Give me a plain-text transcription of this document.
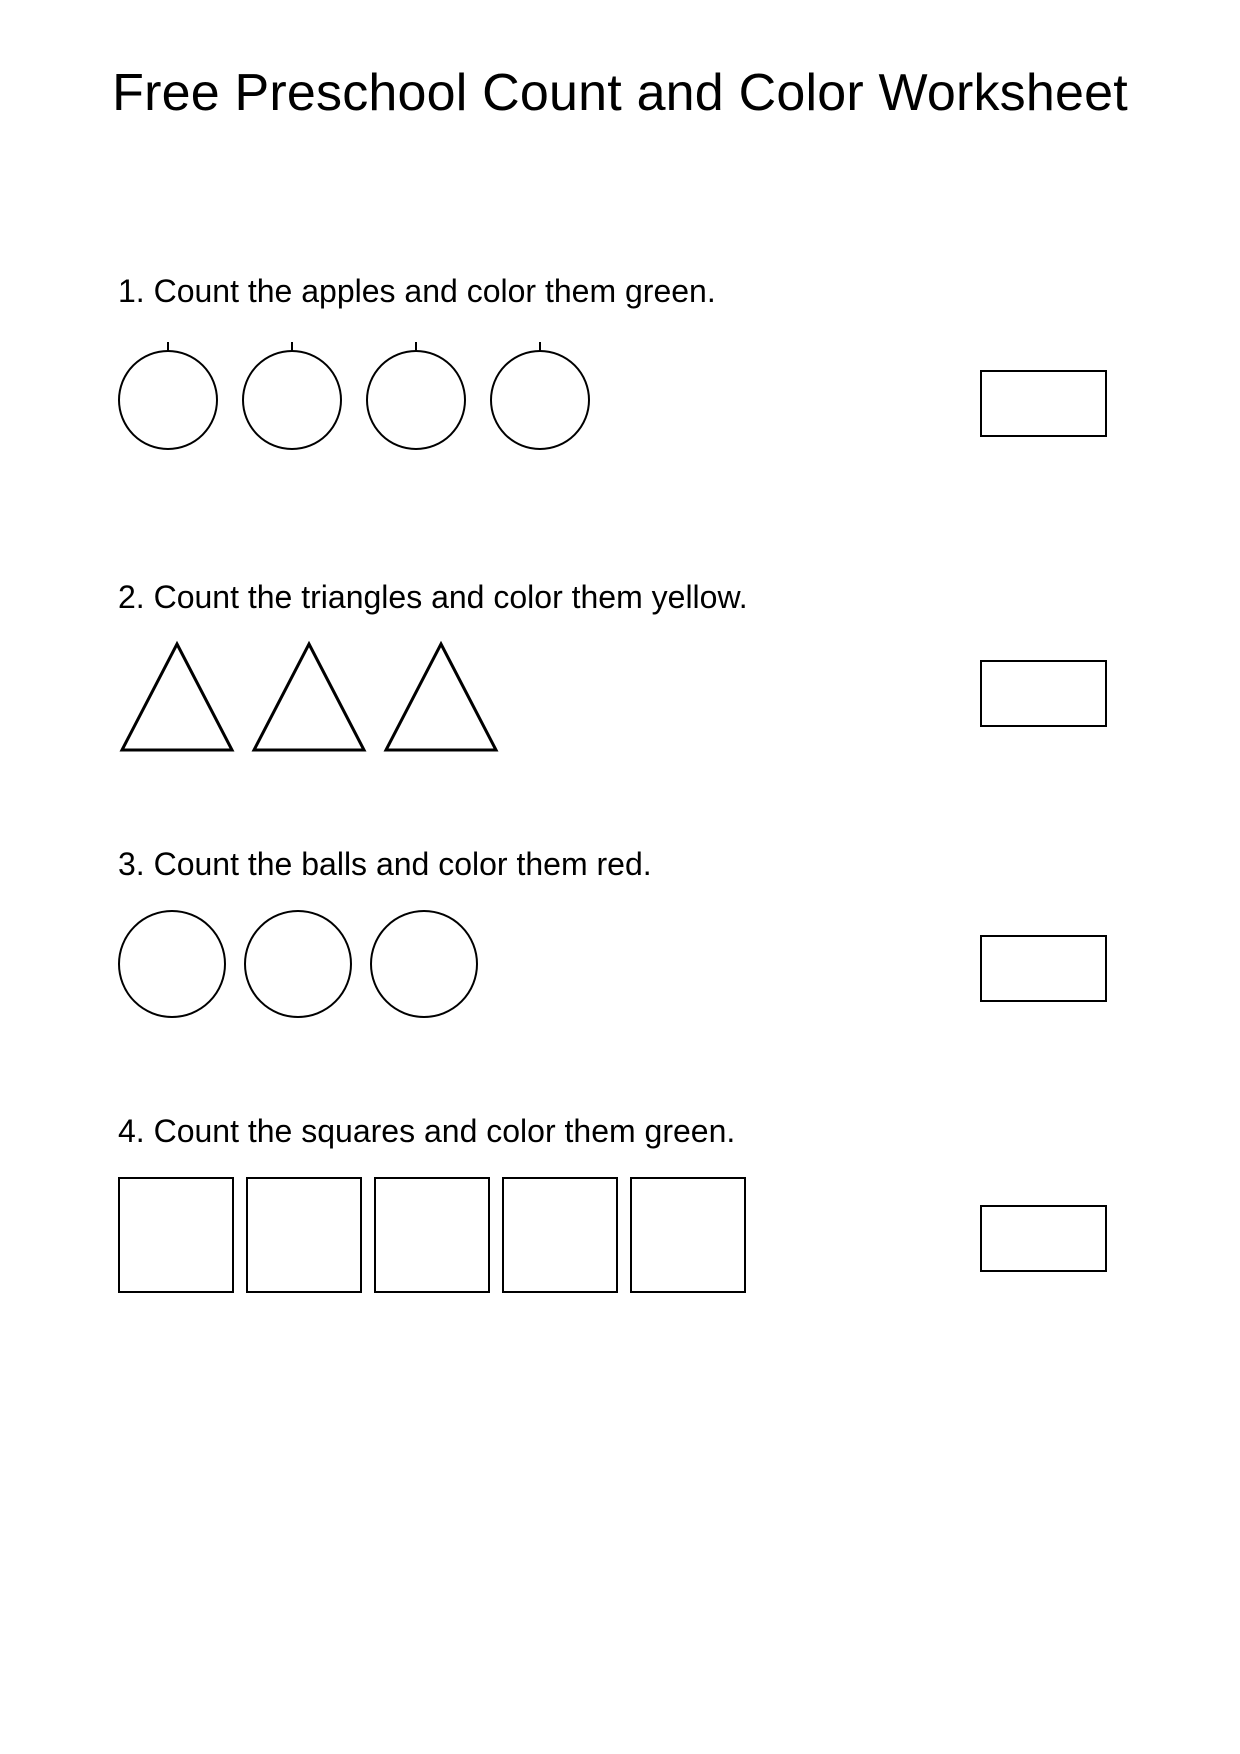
Free Preschool Count and Color Worksheet
1. Count the apples and color them green.
2. Count the triangles and color them yellow.
3. Count the balls and color them red.
4. Count the squares and color them green.
